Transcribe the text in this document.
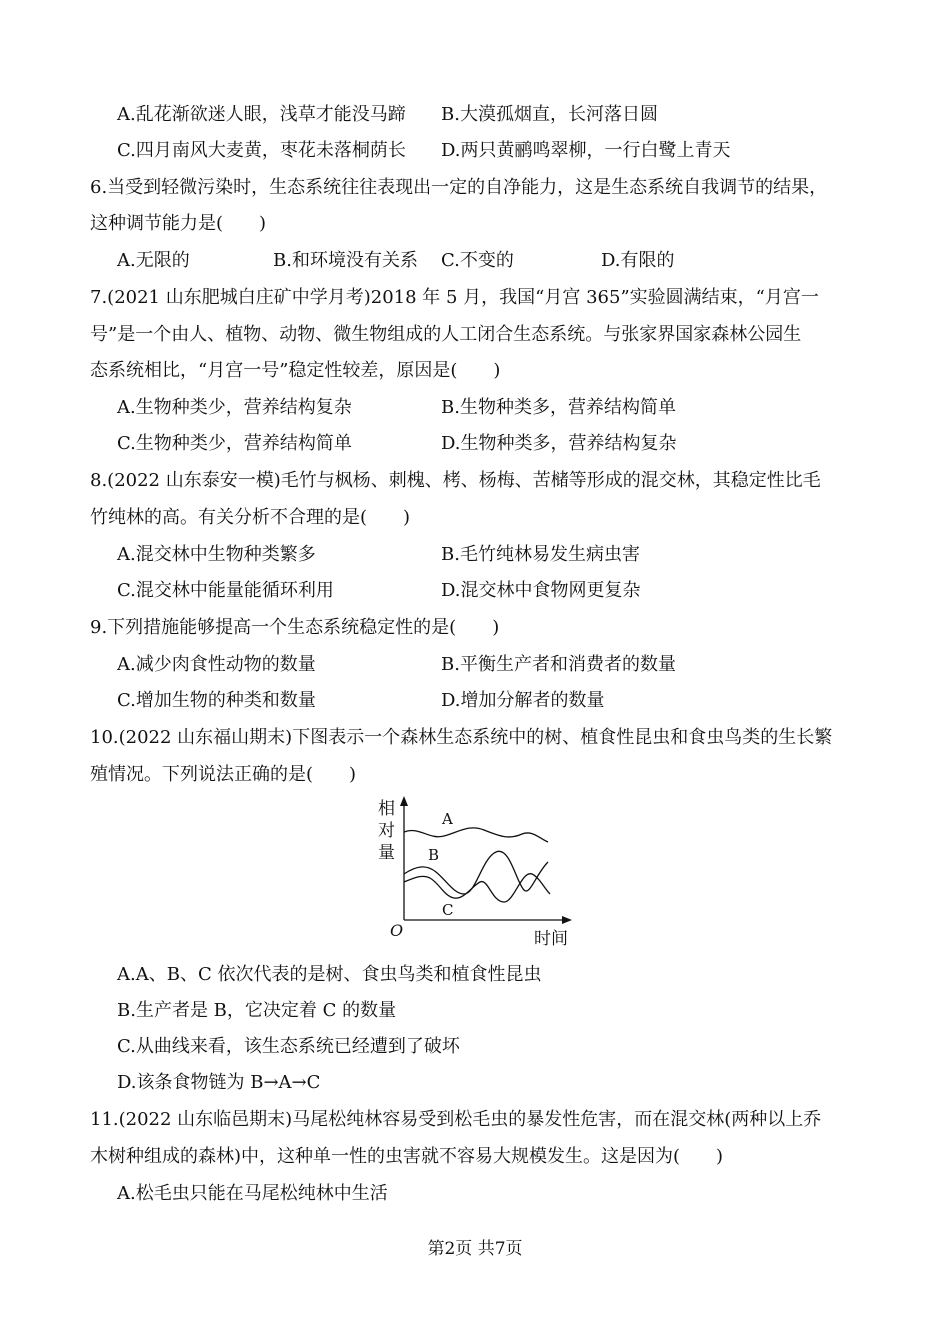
A.乱花渐欲迷人眼，浅草才能没马蹄 B.大漠孤烟直，长河落日圆
C.四月南风大麦黄，枣花未落桐荫长 D.两只黄鹂鸣翠柳，一行白鹭上青天
6.当受到轻微污染时，生态系统往往表现出一定的自净能力，这是生态系统自我调节的结果，
这种调节能力是(　　)
A.无限的	B.和环境没有关系 C.不变的	D.有限的
7.(2021 山东肥城白庄矿中学月考)2018 年 5 月，我国“月宫 365”实验圆满结束，“月宫一
号”是一个由人、植物、动物、微生物组成的人工闭合生态系统。与张家界国家森林公园生
态系统相比，“月宫一号”稳定性较差，原因是(　　)
A.生物种类少，营养结构复杂	B.生物种类多，营养结构简单
C.生物种类少，营养结构简单	D.生物种类多，营养结构复杂
8.(2022 山东泰安一模)毛竹与枫杨、刺槐、栲、杨梅、苦槠等形成的混交林，其稳定性比毛
竹纯林的高。有关分析不合理的是(　　)
A.混交林中生物种类繁多	B.毛竹纯林易发生病虫害
C.混交林中能量能循环利用	D.混交林中食物网更复杂
9.下列措施能够提高一个生态系统稳定性的是(　　)
A.减少肉食性动物的数量	B.平衡生产者和消费者的数量
C.增加生物的种类和数量	D.增加分解者的数量
10.(2022 山东福山期末)下图表示一个森林生态系统中的树、植食性昆虫和食虫鸟类的生长繁
殖情况。下列说法正确的是(　　)
相
对
量
O	时间
A
B
C
A.A、B、C 依次代表的是树、食虫鸟类和植食性昆虫
B.生产者是 B，它决定着 C 的数量
C.从曲线来看，该生态系统已经遭到了破坏
D.该条食物链为 B→A→C
11.(2022 山东临邑期末)马尾松纯林容易受到松毛虫的暴发性危害，而在混交林(两种以上乔
木树种组成的森林)中，这种单一性的虫害就不容易大规模发生。这是因为(　　)
A.松毛虫只能在马尾松纯林中生活
第2页 共7页
